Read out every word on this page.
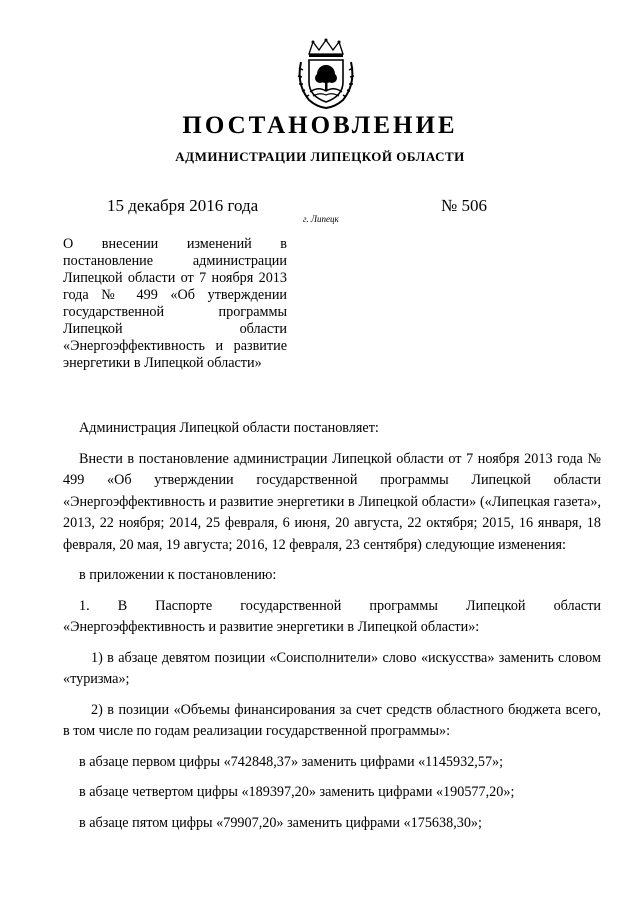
ПОСТАНОВЛЕНИЕ
АДМИНИСТРАЦИИ ЛИПЕЦКОЙ ОБЛАСТИ
15 декабря 2016 года
г. Липецк
№ 506
О внесении изменений в постановление администрации Липецкой области от 7 ноября 2013 года № 499 «Об утверждении государственной программы Липецкой области «Энергоэффективность и развитие энергетики в Липецкой области»

Администрация Липецкой области постановляет:

Внести в постановление администрации Липецкой области от 7 ноября 2013 года № 499 «Об утверждении государственной программы Липецкой области «Энергоэффективность и развитие энергетики в Липецкой области» («Липецкая газета», 2013, 22 ноября; 2014, 25 февраля, 6 июня, 20 августа, 22 октября; 2015, 16 января, 18 февраля, 20 мая, 19 августа; 2016, 12 февраля, 23 сентября) следующие изменения:

в приложении к постановлению:

1. В Паспорте государственной программы Липецкой области

«Энергоэффективность и развитие энергетики в Липецкой области»:

1) в абзаце девятом позиции «Соисполнители» слово «искусства» заменить словом «туризма»;

2) в позиции «Объемы финансирования за счет средств областного бюджета всего, в том числе по годам реализации государственной программы»:

в абзаце первом цифры «742848,37» заменить цифрами «1145932,57»;

в абзаце четвертом цифры «189397,20» заменить цифрами «190577,20»;

в абзаце пятом цифры «79907,20» заменить цифрами «175638,30»;
